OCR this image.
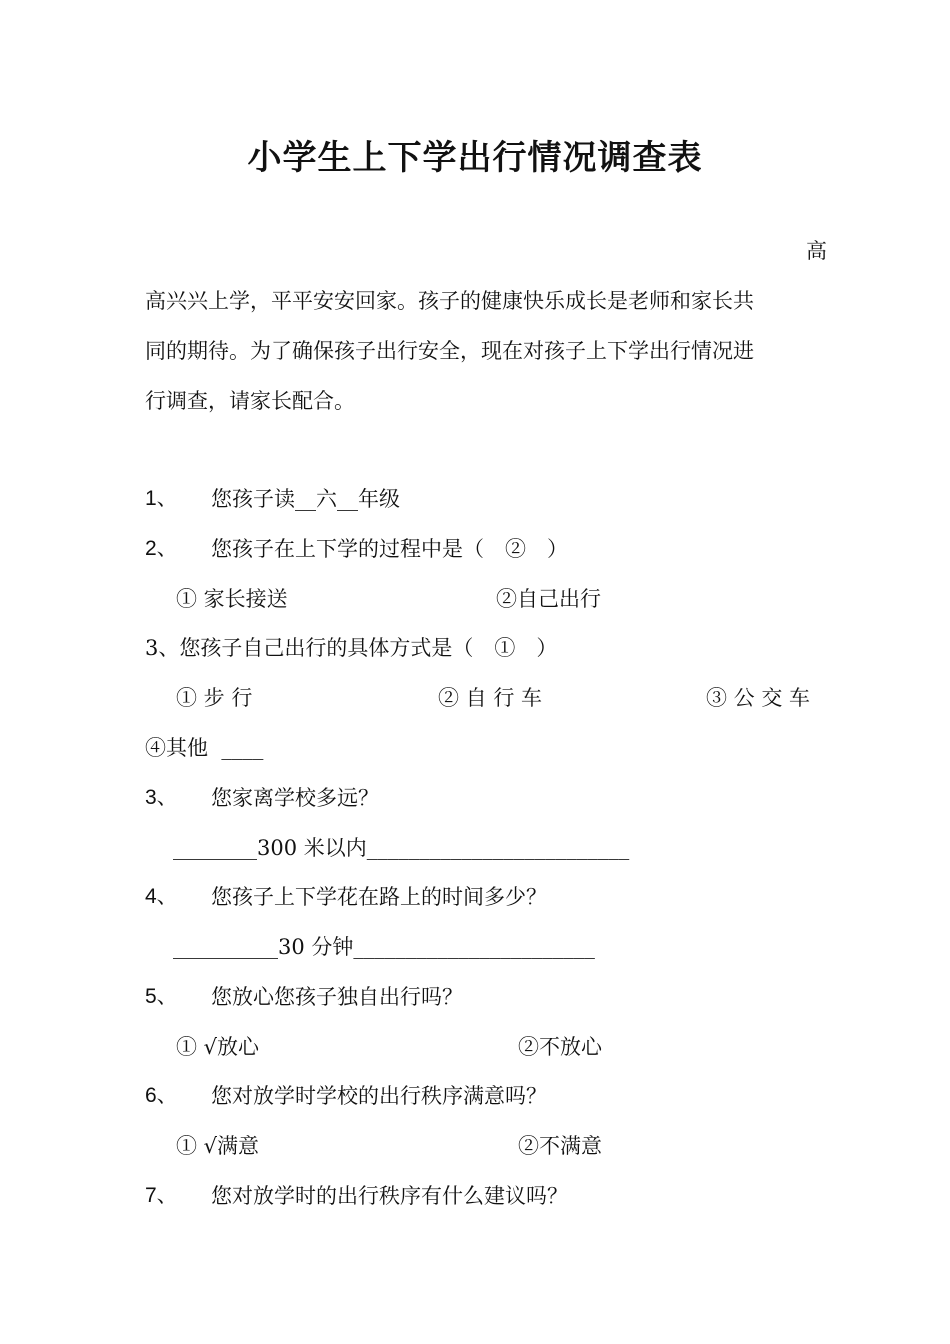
小学生上下学出行情况调查表
高
高兴兴上学，平平安安回家。孩子的健康快乐成长是老师和家长共
同的期待。为了确保孩子出行安全，现在对孩子上下学出行情况进
行调查，请家长配合。
1、 您孩子读__六__年级
2、 您孩子在上下学的过程中是（　②　）
① 家长接送	②自己出行
3、您孩子自己出行的具体方式是（　①　）
① 步 行	② 自 行 车	③ 公 交 车
④其他  ____
3、 您家离学校多远？
________300 米以内_________________________
4、 您孩子上下学花在路上的时间多少？
__________30 分钟_______________________
5、 您放心您孩子独自出行吗？
① √放心	②不放心
6、 您对放学时学校的出行秩序满意吗？
① √满意	②不满意
7、 您对放学时的出行秩序有什么建议吗？
